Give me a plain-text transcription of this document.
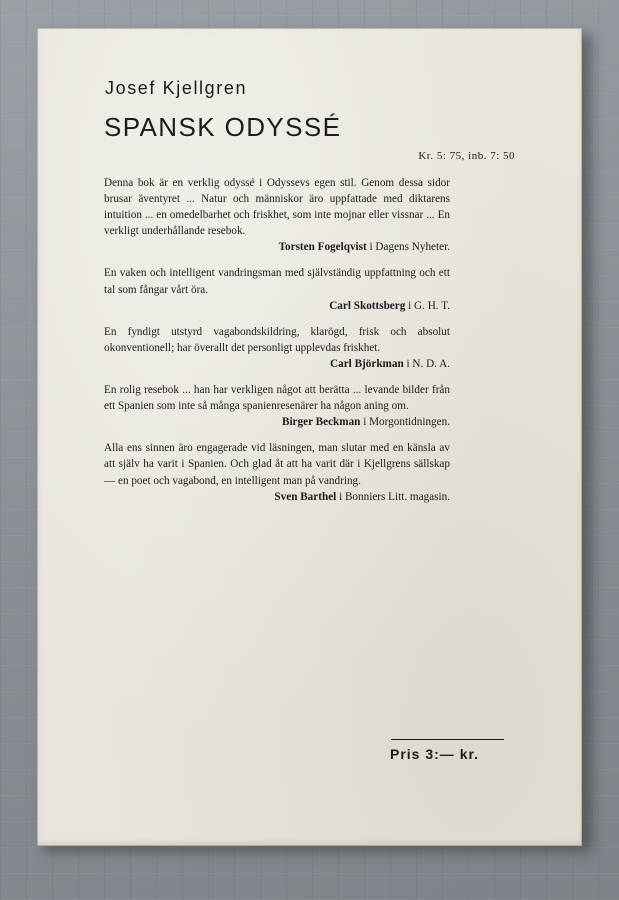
Josef Kjellgren
SPANSK ODYSSÉ
Kr. 5: 75, inb. 7: 50

Denna bok är en verklig odyssé i Odyssevs egen stil. Genom dessa sidor brusar äventyret ... Natur och människor äro uppfattade med diktarens intuition ... en omedelbarhet och friskhet, som inte mojnar eller vissnar ... En verkligt underhållande resebok.

Torsten Fogelqvist i Dagens Nyheter.

En vaken och intelligent vandringsman med självständig uppfattning och ett tal som fångar vårt öra.

Carl Skottsberg i G. H. T.

En fyndigt utstyrd vagabondskildring, klarögd, frisk och absolut okonventionell; har överallt det personligt upplevdas friskhet.

Carl Björkman i N. D. A.

En rolig resebok ... han har verkligen något att berätta ... levande bilder från ett Spanien som inte så många spanienresenärer ha någon aning om.

Birger Beckman i Morgontidningen.

Alla ens sinnen äro engagerade vid läsningen, man slutar med en känsla av att själv ha varit i Spanien. Och glad åt att ha varit där i Kjellgrens sällskap — en poet och vagabond, en intelligent man på vandring.

Sven Barthel i Bonniers Litt. magasin.

Pris 3:— kr.
